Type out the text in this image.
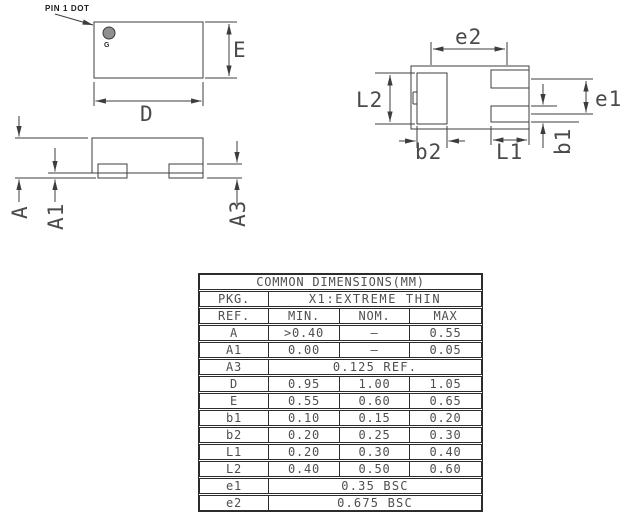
PIN 1 DOT
G	E
D
A A1	A3
e2
L2
b2	L1
e1
b1
COMMON DIMENSIONS(MM)
PKG.	X1:EXTREME THIN
REF.	MIN.	NOM.	MAX
A	>0.40	–	0.55
A1	0.00	–	0.05
A3	0.125 REF.
D	0.95	1.00	1.05
E	0.55	0.60	0.65
b1	0.10	0.15	0.20
b2	0.20	0.25	0.30
L1	0.20	0.30	0.40
L2	0.40	0.50	0.60
e1	0.35 BSC
e2	0.675 BSC
